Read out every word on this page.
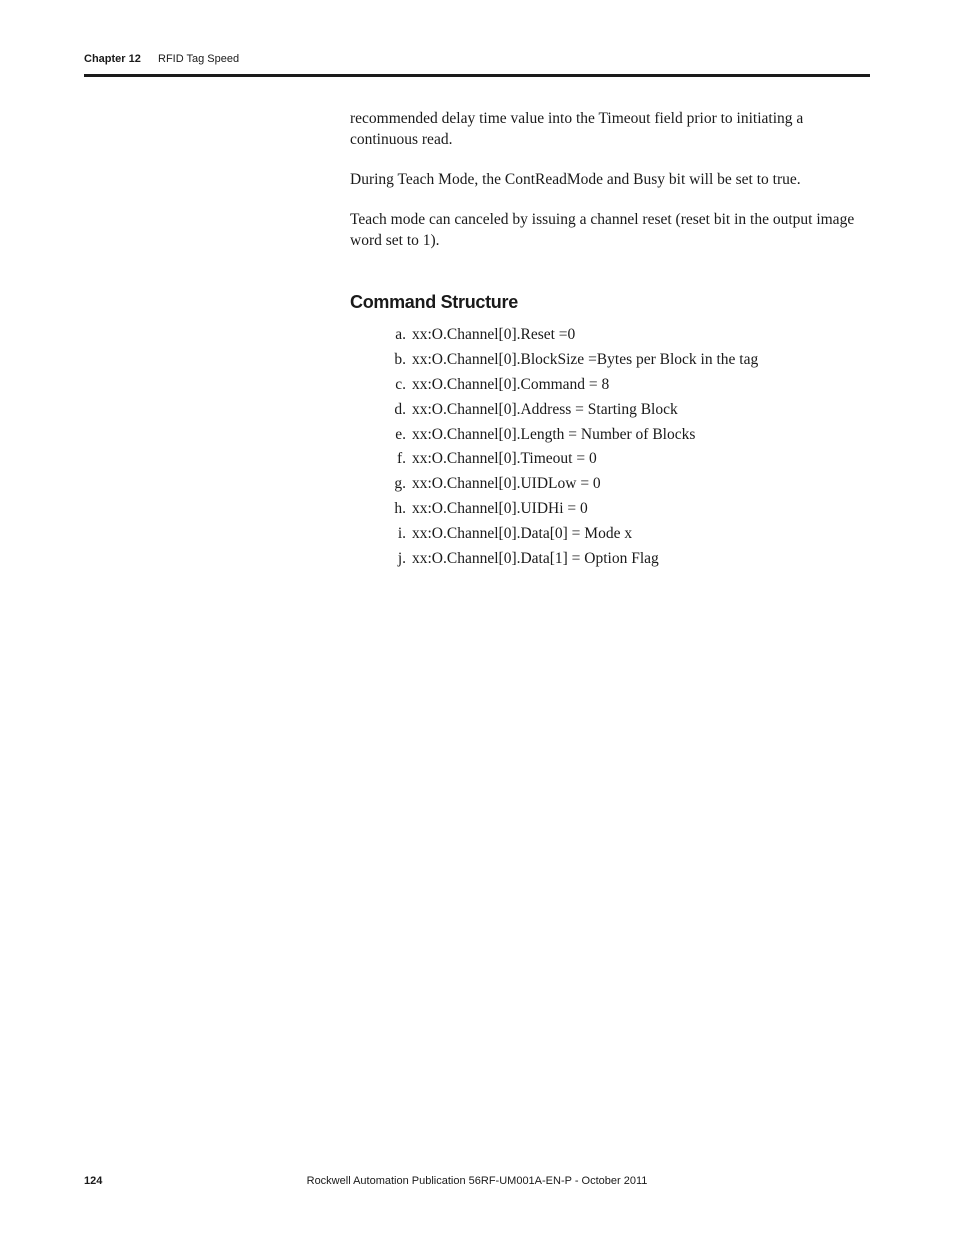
Chapter 12 RFID Tag Speed

recommended delay time value into the Timeout field prior to initiating a continuous read.

During Teach Mode, the ContReadMode and Busy bit will be set to true.

Teach mode can canceled by issuing a channel reset (reset bit in the output image word set to 1).

Command Structure
a. xx:O.Channel[0].Reset =0
b. xx:O.Channel[0].BlockSize =Bytes per Block in the tag
c. xx:O.Channel[0].Command = 8
d. xx:O.Channel[0].Address = Starting Block
e. xx:O.Channel[0].Length = Number of Blocks
f. xx:O.Channel[0].Timeout = 0
g. xx:O.Channel[0].UIDLow = 0
h. xx:O.Channel[0].UIDHi = 0
i. xx:O.Channel[0].Data[0] = Mode x
j. xx:O.Channel[0].Data[1] = Option Flag
124	Rockwell Automation Publication 56RF-UM001A-EN-P - October 2011
